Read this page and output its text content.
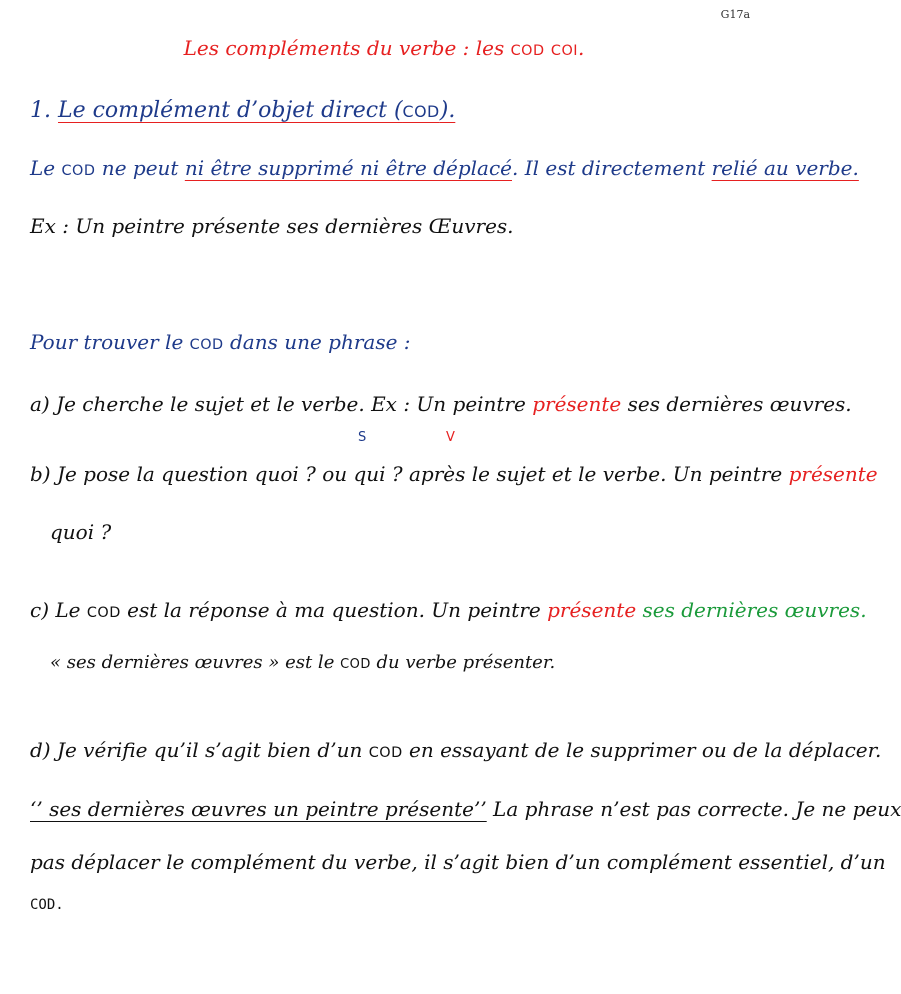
G17a
Les compléments du verbe : les COD COI.
1. Le complément d’objet direct (COD).
Le COD ne peut ni être supprimé ni être déplacé. Il est directement relié au verbe.
Ex : Un peintre présente ses dernières Œuvres.
Pour trouver le COD dans une phrase :
a) Je cherche le sujet et le verbe. Ex : Un peintre présente ses dernières œuvres.
S	V
b) Je pose la question quoi ? ou qui ? après le sujet et le verbe. Un peintre présente
quoi ?
c) Le COD est la réponse à ma question. Un peintre présente ses dernières œuvres.
« ses dernières œuvres » est le COD du verbe présenter.
d) Je vérifie qu’il s’agit bien d’un COD en essayant de le supprimer ou de la déplacer.
‘’ ses dernières œuvres un peintre présente’’ La phrase n’est pas correcte. Je ne peux
pas déplacer le complément du verbe, il s’agit bien d’un complément essentiel, d’un
COD.
